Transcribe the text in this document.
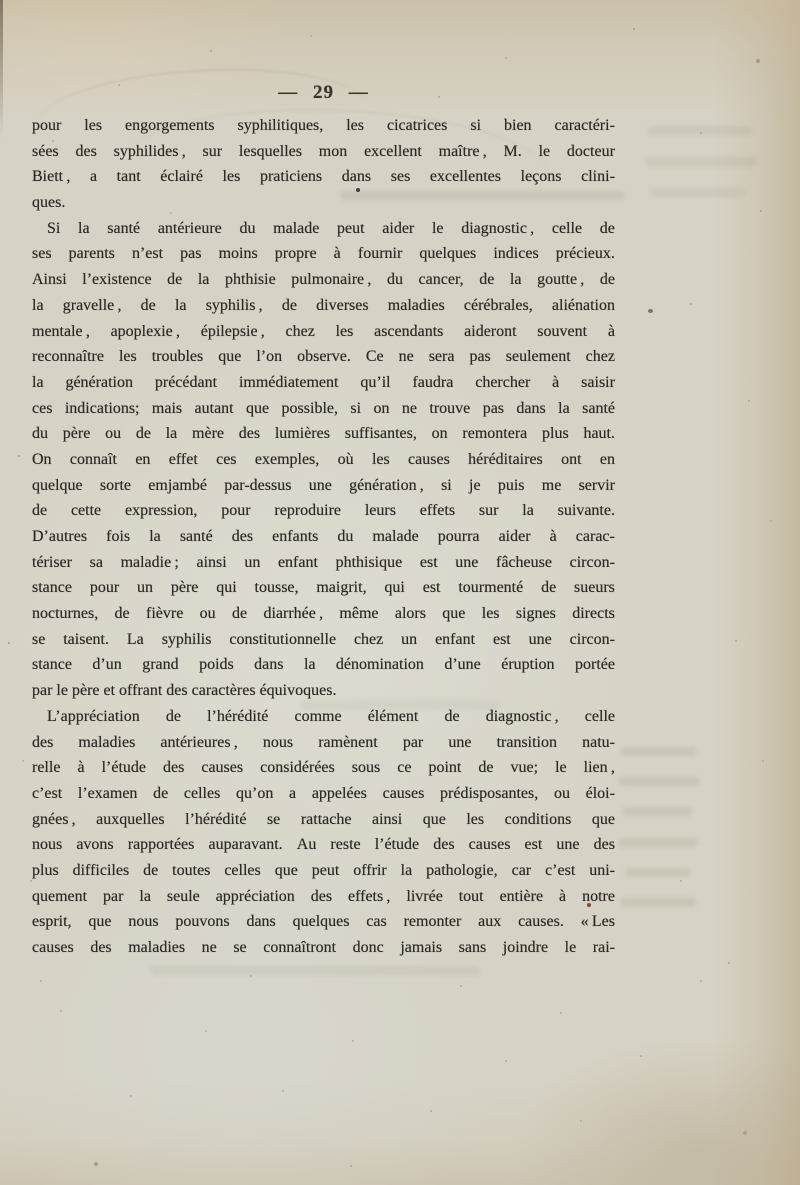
— 29 —
pour les engorgements syphilitiques, les cicatrices si bien caractéri-
sées des syphilides , sur lesquelles mon excellent maître , M. le docteur
Biett , a tant éclairé les praticiens dans ses excellentes leçons clini-
ques.
Si la santé antérieure du malade peut aider le diagnostic , celle de
ses parents n’est pas moins propre à fournir quelques indices précieux.
Ainsi l’existence de la phthisie pulmonaire , du cancer, de la goutte , de
la gravelle , de la syphilis , de diverses maladies cérébrales, aliénation
mentale , apoplexie , épilepsie , chez les ascendants aideront souvent à
reconnaître les troubles que l’on observe. Ce ne sera pas seulement chez
la génération précédant immédiatement qu’il faudra chercher à saisir
ces indications; mais autant que possible, si on ne trouve pas dans la santé
du père ou de la mère des lumières suffisantes, on remontera plus haut.
On connaît en effet ces exemples, où les causes héréditaires ont en
quelque sorte emjambé par-dessus une génération , si je puis me servir
de cette expression, pour reproduire leurs effets sur la suivante.
D’autres fois la santé des enfants du malade pourra aider à carac-
tériser sa maladie ; ainsi un enfant phthisique est une fâcheuse circon-
stance pour un père qui tousse, maigrit, qui est tourmenté de sueurs
nocturnes, de fièvre ou de diarrhée , même alors que les signes directs
se taisent. La syphilis constitutionnelle chez un enfant est une circon-
stance d’un grand poids dans la dénomination d’une éruption portée
par le père et offrant des caractères équivoques.
L’appréciation de l’hérédité comme élément de diagnostic , celle
des maladies antérieures , nous ramènent par une transition natu-
relle à l’étude des causes considérées sous ce point de vue; le lien ,
c’est l’examen de celles qu’on a appelées causes prédisposantes, ou éloi-
gnées , auxquelles l’hérédité se rattache ainsi que les conditions que
nous avons rapportées auparavant. Au reste l’étude des causes est une des
plus difficiles de toutes celles que peut offrir la pathologie, car c’est uni-
quement par la seule appréciation des effets , livrée tout entière à notre
esprit, que nous pouvons dans quelques cas remonter aux causes. « Les
causes des maladies ne se connaîtront donc jamais sans joindre le rai-
